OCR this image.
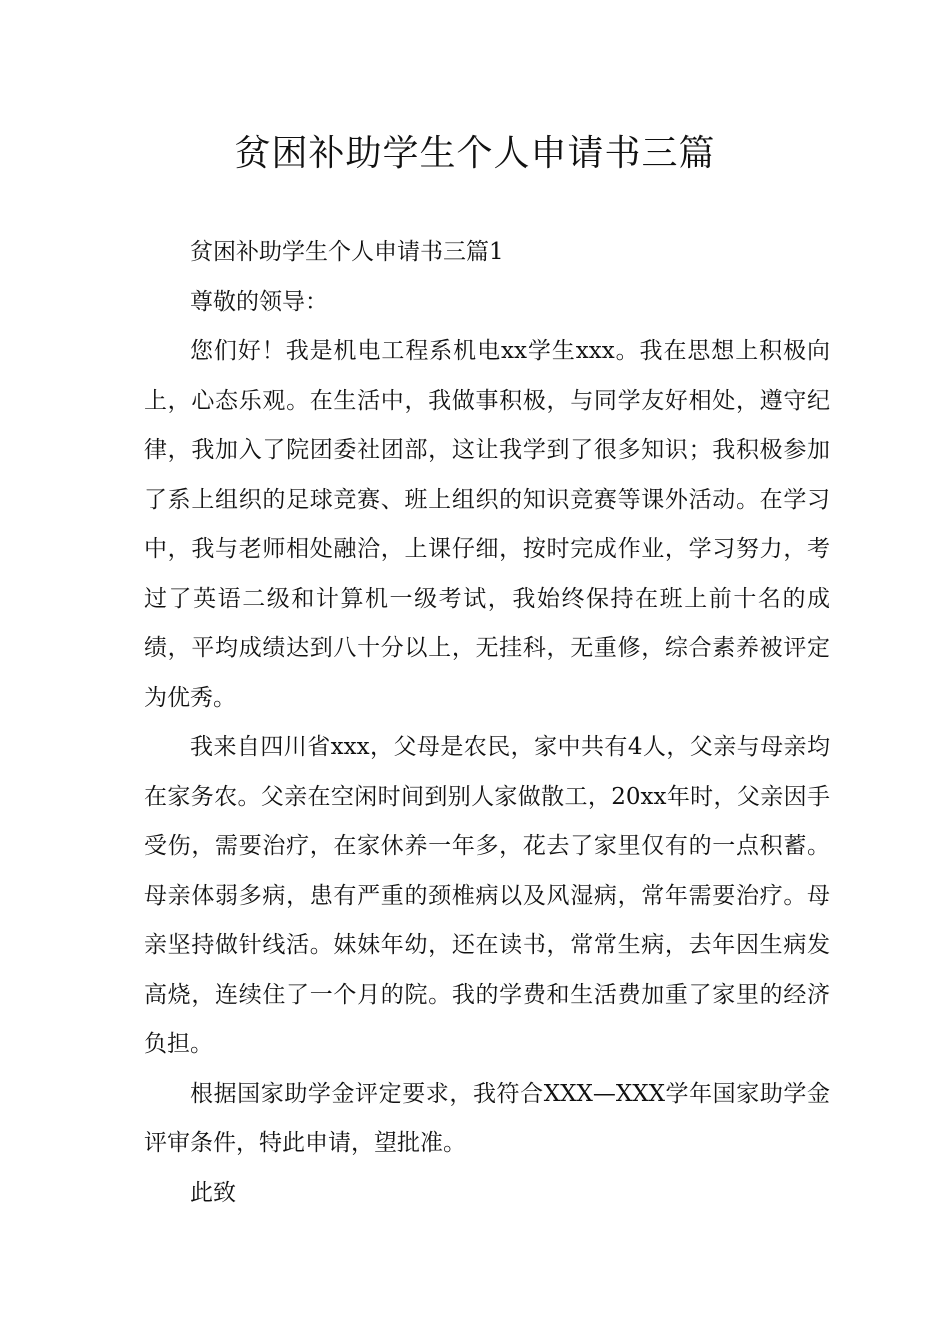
贫困补助学生个人申请书三篇

贫困补助学生个人申请书三篇1

尊敬的领导：

您们好！我是机电工程系机电xx学生xxx。我在思想上积极向上，心态乐观。在生活中，我做事积极，与同学友好相处，遵守纪律，我加入了院团委社团部，这让我学到了很多知识；我积极参加了系上组织的足球竞赛、班上组织的知识竞赛等课外活动。在学习中，我与老师相处融洽，上课仔细，按时完成作业，学习努力，考过了英语二级和计算机一级考试，我始终保持在班上前十名的成绩，平均成绩达到八十分以上，无挂科，无重修，综合素养被评定为优秀。

我来自四川省xxx，父母是农民，家中共有4人，父亲与母亲均在家务农。父亲在空闲时间到别人家做散工，20xx年时，父亲因手受伤，需要治疗，在家休养一年多，花去了家里仅有的一点积蓄。母亲体弱多病，患有严重的颈椎病以及风湿病，常年需要治疗。母亲坚持做针线活。妹妹年幼，还在读书，常常生病，去年因生病发高烧，连续住了一个月的院。我的学费和生活费加重了家里的经济负担。

根据国家助学金评定要求，我符合XXX—XXX学年国家助学金评审条件，特此申请，望批准。

此致
